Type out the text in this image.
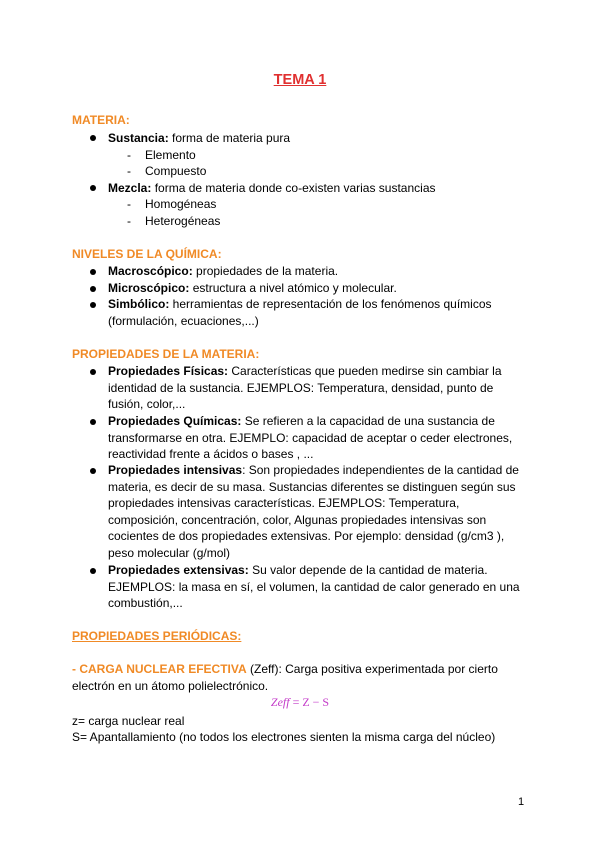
TEMA 1
MATERIA:
Sustancia: forma de materia pura
- Elemento
- Compuesto
Mezcla: forma de materia donde co-existen varias sustancias
- Homogéneas
- Heterogéneas
NIVELES DE LA QUÍMICA:
Macroscópico: propiedades de la materia.
Microscópico: estructura a nivel atómico y molecular.
Simbólico: herramientas de representación de los fenómenos químicos
(formulación, ecuaciones,...)
PROPIEDADES DE LA MATERIA:
Propiedades Físicas: Características que pueden medirse sin cambiar la
identidad de la sustancia. EJEMPLOS: Temperatura, densidad, punto de
fusión, color,...
Propiedades Químicas: Se refieren a la capacidad de una sustancia de
transformarse en otra. EJEMPLO: capacidad de aceptar o ceder electrones,
reactividad frente a ácidos o bases , ...
Propiedades intensivas: Son propiedades independientes de la cantidad de
materia, es decir de su masa. Sustancias diferentes se distinguen según sus
propiedades intensivas características. EJEMPLOS: Temperatura,
composición, concentración, color, Algunas propiedades intensivas son
cocientes de dos propiedades extensivas. Por ejemplo: densidad (g/cm3 ),
peso molecular (g/mol)
Propiedades extensivas: Su valor depende de la cantidad de materia.
EJEMPLOS: la masa en sí, el volumen, la cantidad de calor generado en una
combustión,...
PROPIEDADES PERIÓDICAS:
- CARGA NUCLEAR EFECTIVA (Zeff): Carga positiva experimentada por cierto
electrón en un átomo polielectrónico.
Zeff = Z − S
z= carga nuclear real
S= Apantallamiento (no todos los electrones sienten la misma carga del núcleo)
1
